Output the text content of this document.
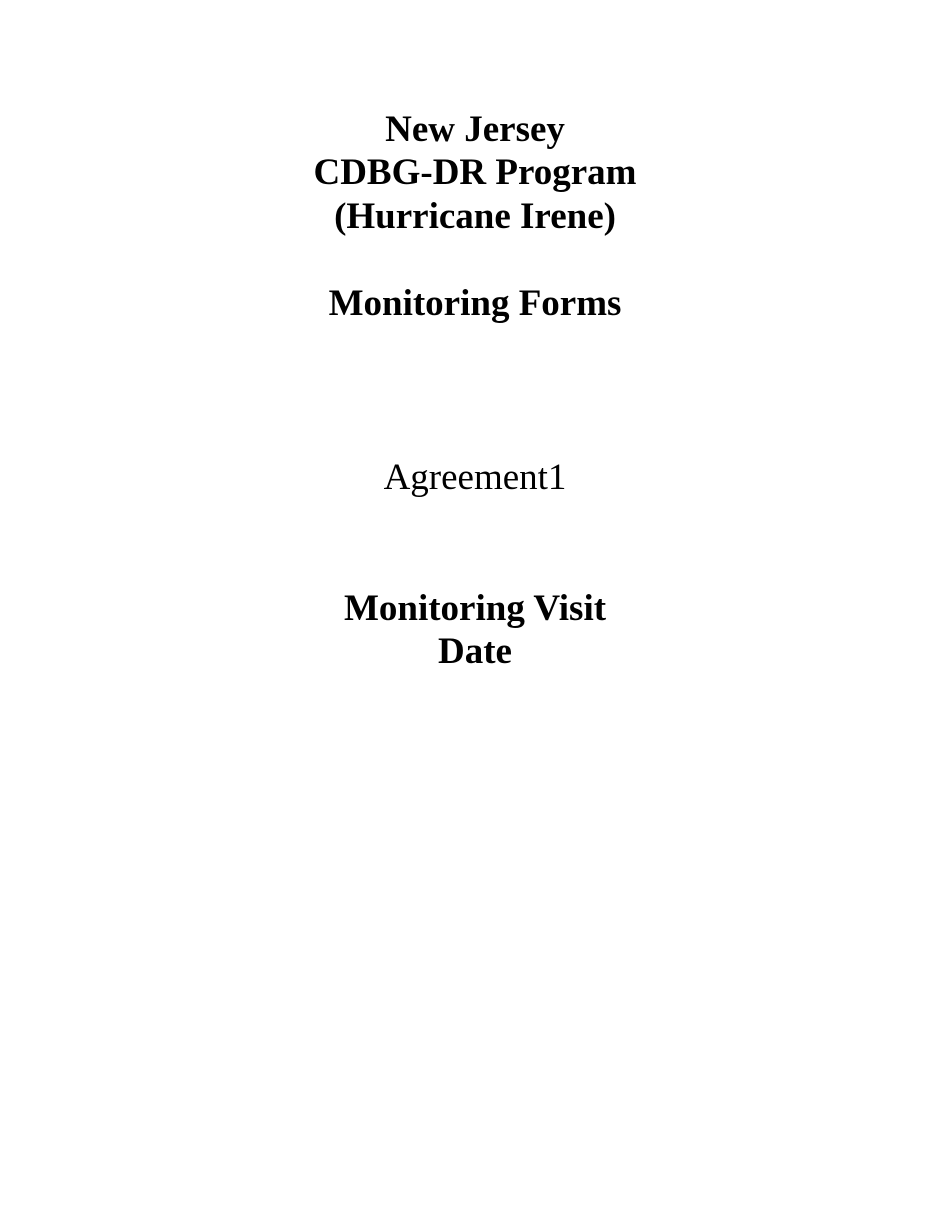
New Jersey
CDBG-DR Program
(Hurricane Irene)
Monitoring Forms
Agreement1
Monitoring Visit
Date
